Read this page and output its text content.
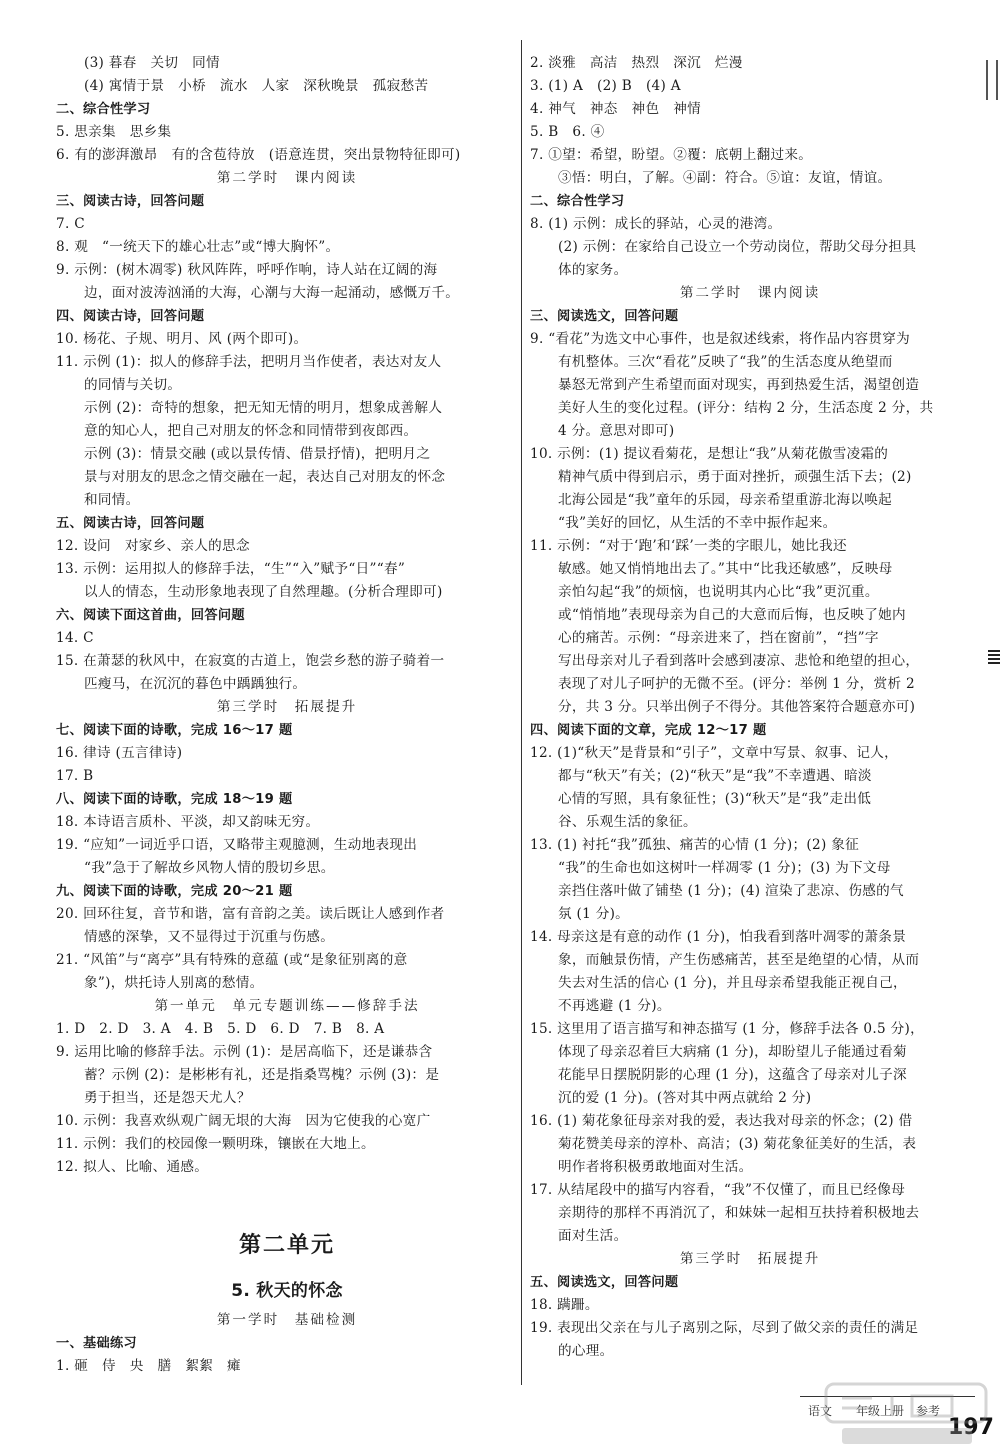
(3) 暮春　关切　同情
(4) 寓情于景　小桥　流水　人家　深秋晚景　孤寂愁苦
二、综合性学习
5. 思亲集　思乡集
6. 有的澎湃激昂　有的含苞待放　(语意连贯，突出景物特征即可)
第二学时　课内阅读
三、阅读古诗，回答问题
7. C
8. 观　“一统天下的雄心壮志”或“博大胸怀”。
9. 示例：(树木凋零) 秋风阵阵，呼呼作响，诗人站在辽阔的海
边，面对波涛汹涌的大海，心潮与大海一起涌动，感慨万千。
四、阅读古诗，回答问题
10. 杨花、子规、明月、风 (两个即可)。
11. 示例 (1)：拟人的修辞手法，把明月当作使者，表达对友人
的同情与关切。
示例 (2)：奇特的想象，把无知无情的明月，想象成善解人
意的知心人，把自己对朋友的怀念和同情带到夜郎西。
示例 (3)：情景交融 (或以景传情、借景抒情)，把明月之
景与对朋友的思念之情交融在一起，表达自己对朋友的怀念
和同情。
五、阅读古诗，回答问题
12. 设问　对家乡、亲人的思念
13. 示例：运用拟人的修辞手法，“生”“入”赋予“日”“春”
以人的情态，生动形象地表现了自然理趣。(分析合理即可)
六、阅读下面这首曲，回答问题
14. C
15. 在萧瑟的秋风中，在寂寞的古道上，饱尝乡愁的游子骑着一
匹瘦马，在沉沉的暮色中踽踽独行。
第三学时　拓展提升
七、阅读下面的诗歌，完成 16～17 题
16. 律诗 (五言律诗)
17. B
八、阅读下面的诗歌，完成 18～19 题
18. 本诗语言质朴、平淡，却又韵味无穷。
19. “应知”一词近乎口语，又略带主观臆测，生动地表现出
“我”急于了解故乡风物人情的殷切乡思。
九、阅读下面的诗歌，完成 20～21 题
20. 回环往复，音节和谐，富有音韵之美。读后既让人感到作者
情感的深挚，又不显得过于沉重与伤感。
21. “风笛”与“离亭”具有特殊的意蕴 (或“是象征别离的意
象”)，烘托诗人别离的愁情。
第一单元　单元专题训练——修辞手法
1. D　2. D　3. A　4. B　5. D　6. D　7. B　8. A
9. 运用比喻的修辞手法。示例 (1)：是居高临下，还是谦恭含
蓄？示例 (2)：是彬彬有礼，还是指桑骂槐？示例 (3)：是
勇于担当，还是怨天尤人？
10. 示例：我喜欢纵观广阔无垠的大海　因为它使我的心宽广
11. 示例：我们的校园像一颗明珠，镶嵌在大地上。
12. 拟人、比喻、通感。
第二单元
5. 秋天的怀念
第一学时　基础检测
一、基础练习
1. 砸　侍　央　膳　絮絮　瘫
2. 淡雅　高洁　热烈　深沉　烂漫
3. (1) A　(2) B　(4) A
4. 神气　神态　神色　神情
5. B　6. ④
7. ①望：希望，盼望。②覆：底朝上翻过来。
③悟：明白，了解。④副：符合。⑤谊：友谊，情谊。
二、综合性学习
8. (1) 示例：成长的驿站，心灵的港湾。
(2) 示例：在家给自己设立一个劳动岗位，帮助父母分担具
体的家务。
第二学时　课内阅读
三、阅读选文，回答问题
9. “看花”为选文中心事件，也是叙述线索，将作品内容贯穿为
有机整体。三次“看花”反映了“我”的生活态度从绝望而
暴怒无常到产生希望而面对现实，再到热爱生活，渴望创造
美好人生的变化过程。(评分：结构 2 分，生活态度 2 分，共
4 分。意思对即可)
10. 示例：(1) 提议看菊花，是想让“我”从菊花傲雪凌霜的
精神气质中得到启示，勇于面对挫折，顽强生活下去；(2)
北海公园是“我”童年的乐园，母亲希望重游北海以唤起
“我”美好的回忆，从生活的不幸中振作起来。
11. 示例：“对于‘跑’和‘踩’一类的字眼儿，她比我还
敏感。她又悄悄地出去了。”其中“比我还敏感”，反映母
亲怕勾起“我”的烦恼，也说明其内心比“我”更沉重。
或“悄悄地”表现母亲为自己的大意而后悔，也反映了她内
心的痛苦。示例：“母亲进来了，挡在窗前”，“挡”字
写出母亲对儿子看到落叶会感到凄凉、悲怆和绝望的担心，
表现了对儿子呵护的无微不至。(评分：举例 1 分，赏析 2
分，共 3 分。只举出例子不得分。其他答案符合题意亦可)
四、阅读下面的文章，完成 12～17 题
12. (1)“秋天”是背景和“引子”，文章中写景、叙事、记人，
都与“秋天”有关；(2)“秋天”是“我”不幸遭遇、暗淡
心情的写照，具有象征性；(3)“秋天”是“我”走出低
谷、乐观生活的象征。
13. (1) 衬托“我”孤独、痛苦的心情 (1 分)；(2) 象征
“我”的生命也如这树叶一样凋零 (1 分)；(3) 为下文母
亲挡住落叶做了铺垫 (1 分)；(4) 渲染了悲凉、伤感的气
氛 (1 分)。
14. 母亲这是有意的动作 (1 分)，怕我看到落叶凋零的萧条景
象，而触景伤情，产生伤感痛苦，甚至是绝望的心情，从而
失去对生活的信心 (1 分)，并且母亲希望我能正视自己，
不再逃避 (1 分)。
15. 这里用了语言描写和神态描写 (1 分，修辞手法各 0.5 分)，
体现了母亲忍着巨大病痛 (1 分)，却盼望儿子能通过看菊
花能早日摆脱阴影的心理 (1 分)，这蕴含了母亲对儿子深
沉的爱 (1 分)。(答对其中两点就给 2 分)
16. (1) 菊花象征母亲对我的爱，表达我对母亲的怀念；(2) 借
菊花赞美母亲的淳朴、高洁；(3) 菊花象征美好的生活，表
明作者将积极勇敢地面对生活。
17. 从结尾段中的描写内容看，“我”不仅懂了，而且已经像母
亲期待的那样不再消沉了，和妹妹一起相互扶持着积极地去
面对生活。
第三学时　拓展提升
五、阅读选文，回答问题
18. 蹒跚。
19. 表现出父亲在与儿子离别之际，尽到了做父亲的责任的满足
的心理。
语文　　年级上册　参考
197
